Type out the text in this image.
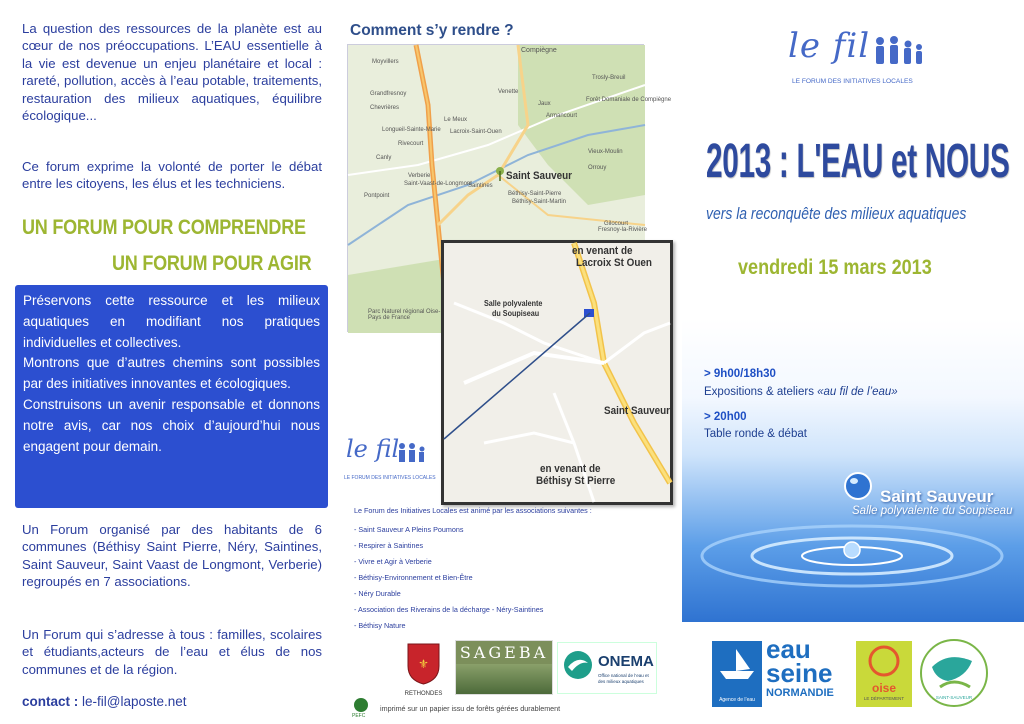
La question des ressources de la planète est au cœur de nos préoccupations. L’EAU essentielle à la vie est devenue un enjeu planétaire et local : rareté, pollution, accès à l’eau potable, traitements, restauration des milieux aquatiques, équilibre écologique...

Ce forum exprime la volonté de porter le débat entre les citoyens, les élus et les techniciens.

UN FORUM POUR COMPRENDRE
UN FORUM POUR AGIR

Préservons cette ressource et les milieux aquatiques en modifiant nos pratiques individuelles et collectives.

Montrons que d’autres chemins sont possibles par des initiatives innovantes et écologiques.

Construisons un avenir responsable et donnons notre avis, car nos choix d’aujourd’hui nous engagent pour demain.

Un Forum organisé par des habitants de 6 communes (Béthisy Saint Pierre, Néry, Saintines, Saint Sauveur, Saint Vaast de Longmont, Verberie) regroupés en 7 associations.

Un Forum qui s’adresse à tous : familles, scolaires et étudiants,acteurs de l’eau et élus de nos communes et de la région.

contact : le-fil@laposte.net
Comment s’y rendre ?
Compiègne
Moyvillers
Venette
Jaux
Armancourt
Forêt Domaniale de Compiègne
Trosly-Breuil
Grandfresnoy
Le Meux
Lacroix-Saint-Ouen
Longueil-Sainte-Marie
Rivecourt
Chevrières
Canly
Saint Sauveur
Verberie
Pontpoint
Saint-Vaast-de-Longmont
Saintines
Béthisy-Saint-Pierre
Béthisy-Saint-Martin
Orrouy
Vieux-Moulin
Gilocourt
Fresnoy-la-Rivière
Parc Naturel régional Oise-Pays de France
en venant de
Lacroix St Ouen
Salle polyvalente
du Soupiseau
Saint Sauveur
en venant de
Béthisy St Pierre
le fil
LE FORUM DES INITIATIVES LOCALES
Le Forum des Initiatives Locales est animé par les associations suivantes :
- Saint Sauveur A Pleins Poumons
- Respirer à Saintines
- Vivre et Agir à Verberie
- Béthisy-Environnement et Bien-Être
- Néry Durable
- Association des Riverains de la décharge - Néry-Saintines
- Béthisy Nature
⚜
RETHONDES
SAGEBA	ONEMA
Office national de l’eau et des milieux aquatiques
PEFC
imprimé sur un papier issu de forêts gérées durablement
le fil
LE FORUM DES INITIATIVES LOCALES
2013 : L'EAU et NOUS
vers la reconquête des milieux aquatiques
vendredi 15 mars 2013
> 9h00/18h30
Expositions & ateliers «au fil de l’eau»
> 20h00
Table ronde & débat
Saint Sauveur
Salle polyvalente du Soupiseau
Agence de l’eau
eau
seine
NORMANDIE	oise
LE DÉPARTEMENT	SAINT-SAUVEUR
